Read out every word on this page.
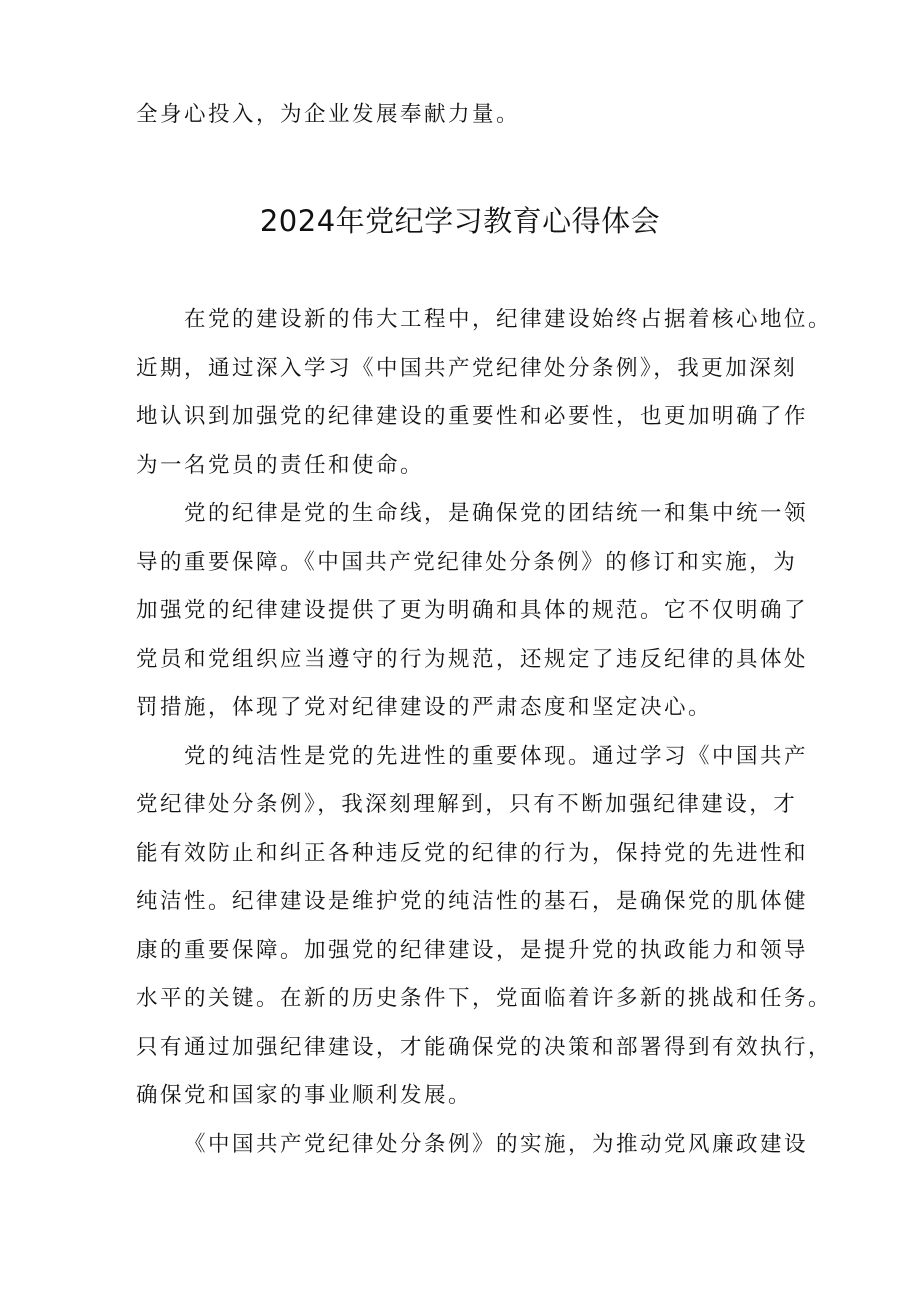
全身心投入，为企业发展奉献力量。

2024年党纪学习教育心得体会
在党的建设新的伟大工程中，纪律建设始终占据着核心地位。
近期，通过深入学习《中国共产党纪律处分条例》，我更加深刻
地认识到加强党的纪律建设的重要性和必要性，也更加明确了作
为一名党员的责任和使命。
党的纪律是党的生命线，是确保党的团结统一和集中统一领
导的重要保障。《中国共产党纪律处分条例》的修订和实施，为
加强党的纪律建设提供了更为明确和具体的规范。它不仅明确了
党员和党组织应当遵守的行为规范，还规定了违反纪律的具体处
罚措施，体现了党对纪律建设的严肃态度和坚定决心。
党的纯洁性是党的先进性的重要体现。通过学习《中国共产
党纪律处分条例》，我深刻理解到，只有不断加强纪律建设，才
能有效防止和纠正各种违反党的纪律的行为，保持党的先进性和
纯洁性。纪律建设是维护党的纯洁性的基石，是确保党的肌体健
康的重要保障。加强党的纪律建设，是提升党的执政能力和领导
水平的关键。在新的历史条件下，党面临着许多新的挑战和任务。
只有通过加强纪律建设，才能确保党的决策和部署得到有效执行，
确保党和国家的事业顺利发展。
《中国共产党纪律处分条例》的实施，为推动党风廉政建设
